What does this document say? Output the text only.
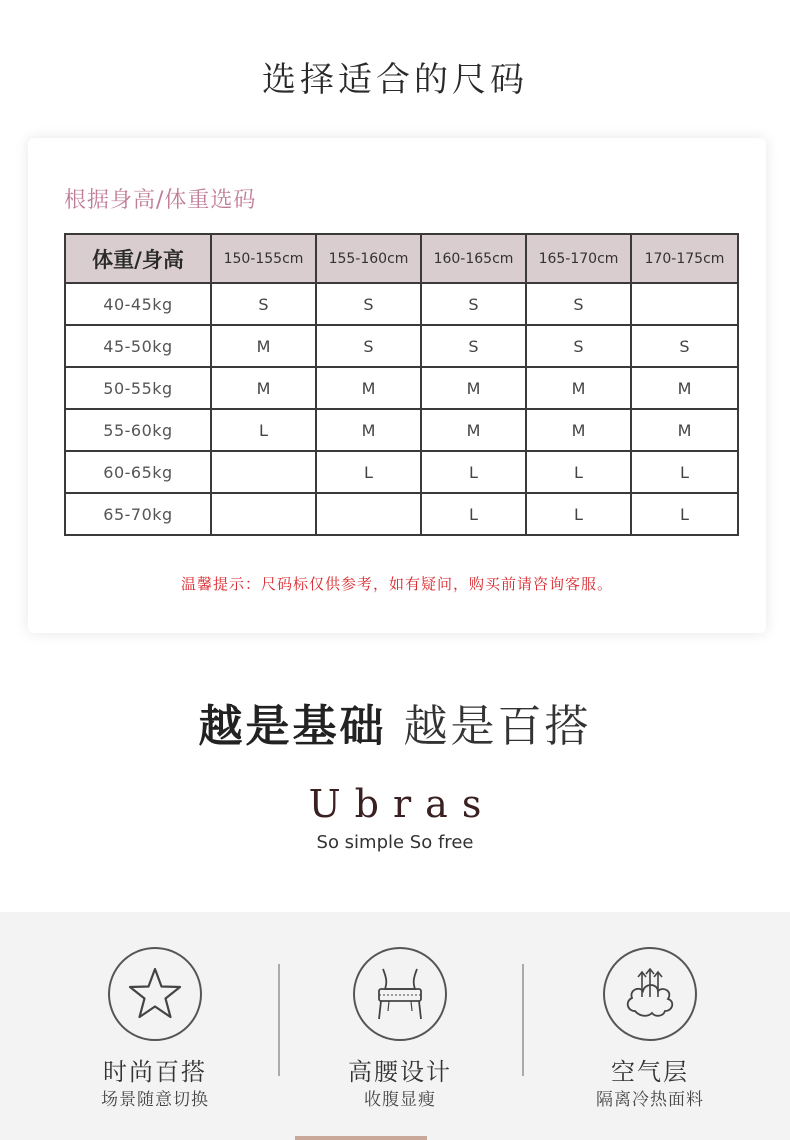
选择适合的尺码
根据身高/体重选码
体重/身高	150-155cm	155-160cm	160-165cm	165-170cm	170-175cm
40-45kg	S	S	S	S	
45-50kg	M	S	S	S	S
50-55kg	M	M	M	M	M
55-60kg	L	M	M	M	M
60-65kg		L	L	L	L
65-70kg			L	L	L
温馨提示：尺码标仅供参考，如有疑问，购买前请咨询客服。
越是基础 越是百搭
Ubras
So simple So free
时尚百搭
场景随意切换
高腰设计
收腹显瘦
空气层
隔离冷热面料
